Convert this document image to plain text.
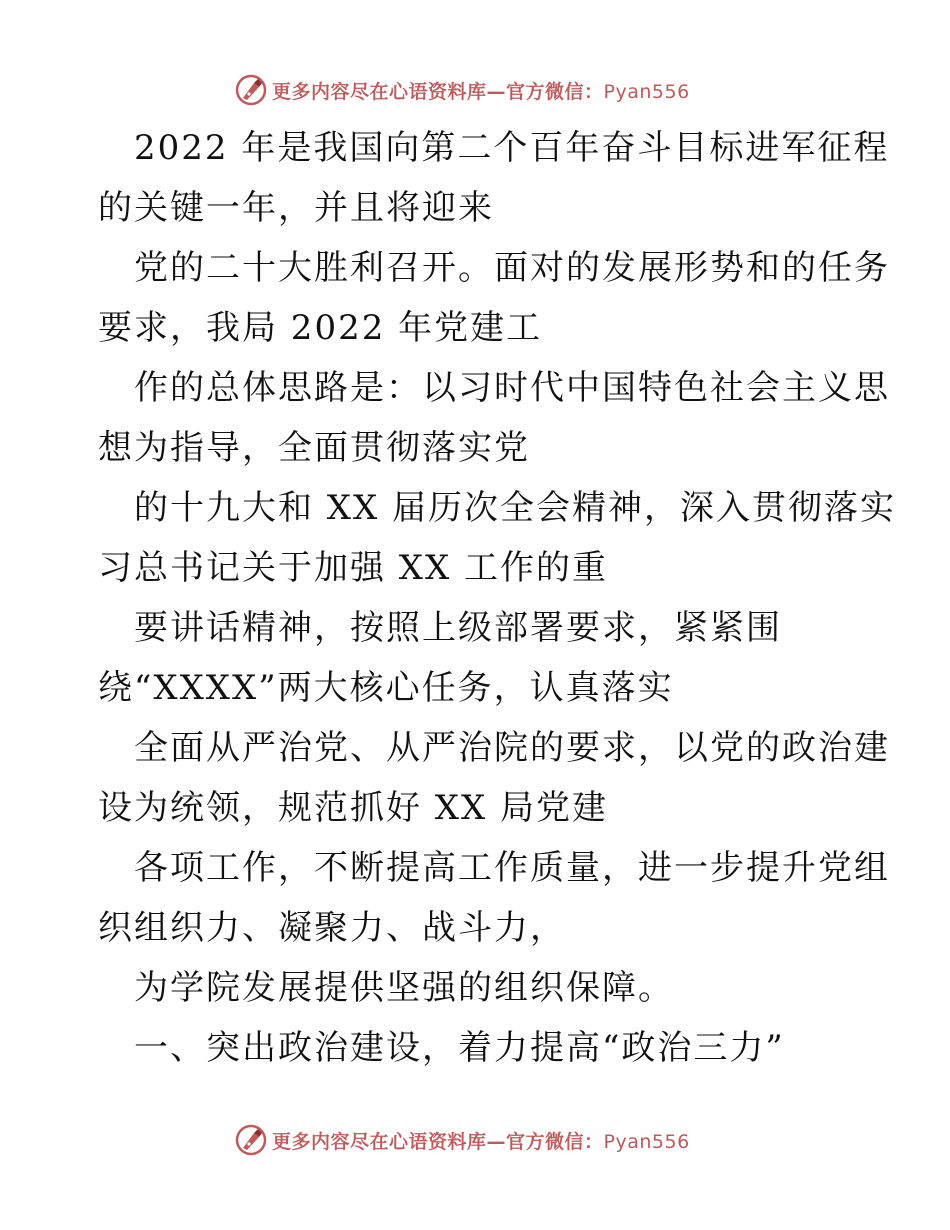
更多内容尽在心语资料库—官方微信：Pyan556
2022 年是我国向第二个百年奋斗目标进军征程
的关键一年，并且将迎来
党的二十大胜利召开。面对的发展形势和的任务
要求，我局 2022 年党建工
作的总体思路是：以习时代中国特色社会主义思
想为指导，全面贯彻落实党
的十九大和 XX 届历次全会精神，深入贯彻落实
习总书记关于加强 XX 工作的重
要讲话精神，按照上级部署要求，紧紧围
绕“XXXX”两大核心任务，认真落实
全面从严治党、从严治院的要求，以党的政治建
设为统领，规范抓好 XX 局党建
各项工作，不断提高工作质量，进一步提升党组
织组织力、凝聚力、战斗力，
为学院发展提供坚强的组织保障。
一、突出政治建设，着力提高“政治三力”
更多内容尽在心语资料库—官方微信：Pyan556
